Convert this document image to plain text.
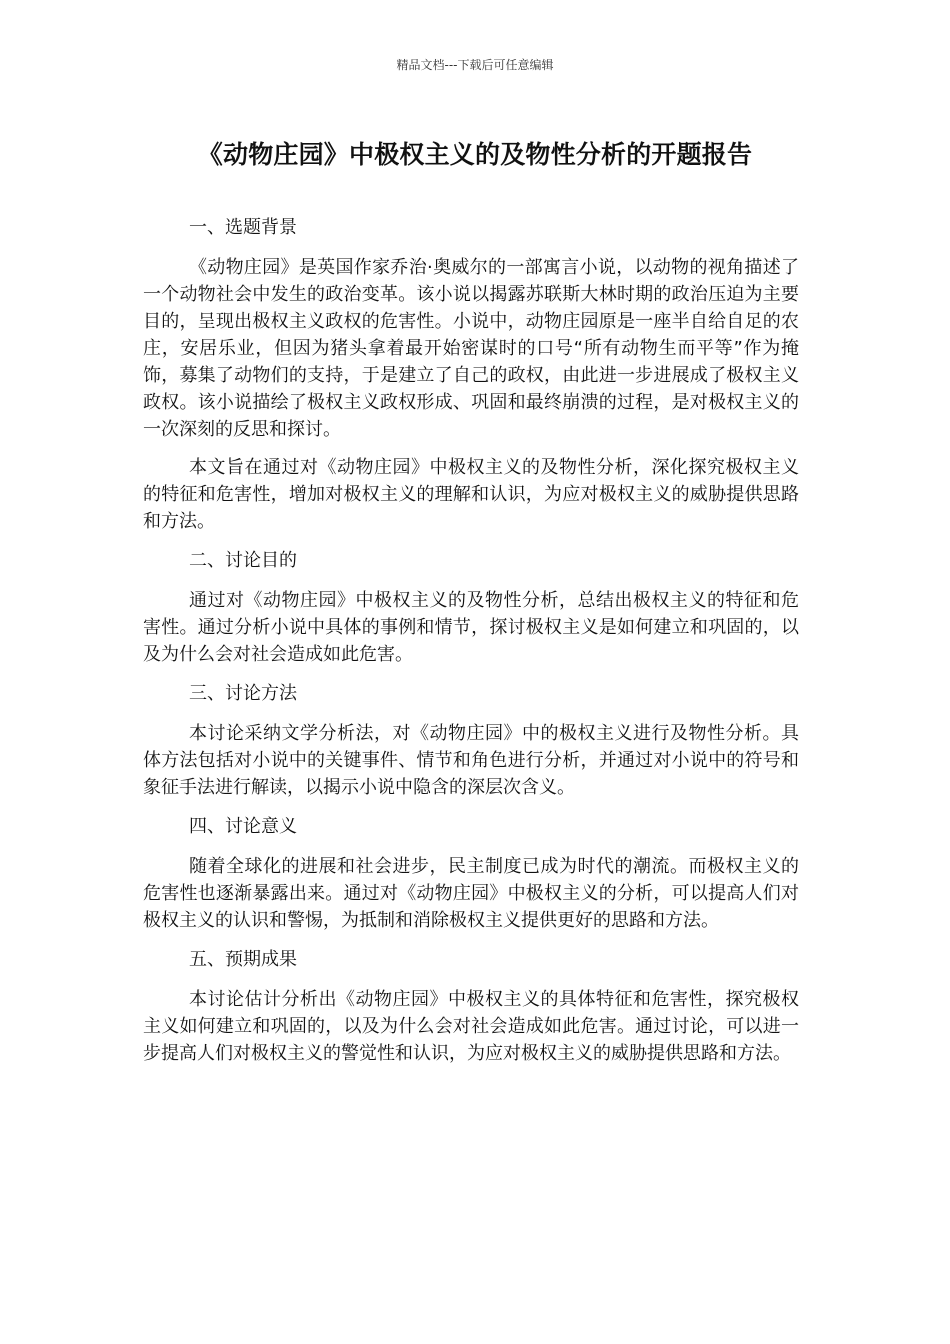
精品文档---下载后可任意编辑
《动物庄园》中极权主义的及物性分析的开题报告
一、选题背景

《动物庄园》是英国作家乔治·奥威尔的一部寓言小说，以动物的视角描述了一个动物社会中发生的政治变革。该小说以揭露苏联斯大林时期的政治压迫为主要目的，呈现出极权主义政权的危害性。小说中，动物庄园原是一座半自给自足的农庄，安居乐业，但因为猪头拿着最开始密谋时的口号“所有动物生而平等”作为掩饰，募集了动物们的支持，于是建立了自己的政权，由此进一步进展成了极权主义政权。该小说描绘了极权主义政权形成、巩固和最终崩溃的过程，是对极权主义的一次深刻的反思和探讨。

本文旨在通过对《动物庄园》中极权主义的及物性分析，深化探究极权主义的特征和危害性，增加对极权主义的理解和认识，为应对极权主义的威胁提供思路和方法。

二、讨论目的

通过对《动物庄园》中极权主义的及物性分析，总结出极权主义的特征和危害性。通过分析小说中具体的事例和情节，探讨极权主义是如何建立和巩固的，以及为什么会对社会造成如此危害。

三、讨论方法

本讨论采纳文学分析法，对《动物庄园》中的极权主义进行及物性分析。具体方法包括对小说中的关键事件、情节和角色进行分析，并通过对小说中的符号和象征手法进行解读，以揭示小说中隐含的深层次含义。

四、讨论意义

随着全球化的进展和社会进步，民主制度已成为时代的潮流。而极权主义的危害性也逐渐暴露出来。通过对《动物庄园》中极权主义的分析，可以提高人们对极权主义的认识和警惕，为抵制和消除极权主义提供更好的思路和方法。

五、预期成果

本讨论估计分析出《动物庄园》中极权主义的具体特征和危害性，探究极权主义如何建立和巩固的，以及为什么会对社会造成如此危害。通过讨论，可以进一步提高人们对极权主义的警觉性和认识，为应对极权主义的威胁提供思路和方法。
